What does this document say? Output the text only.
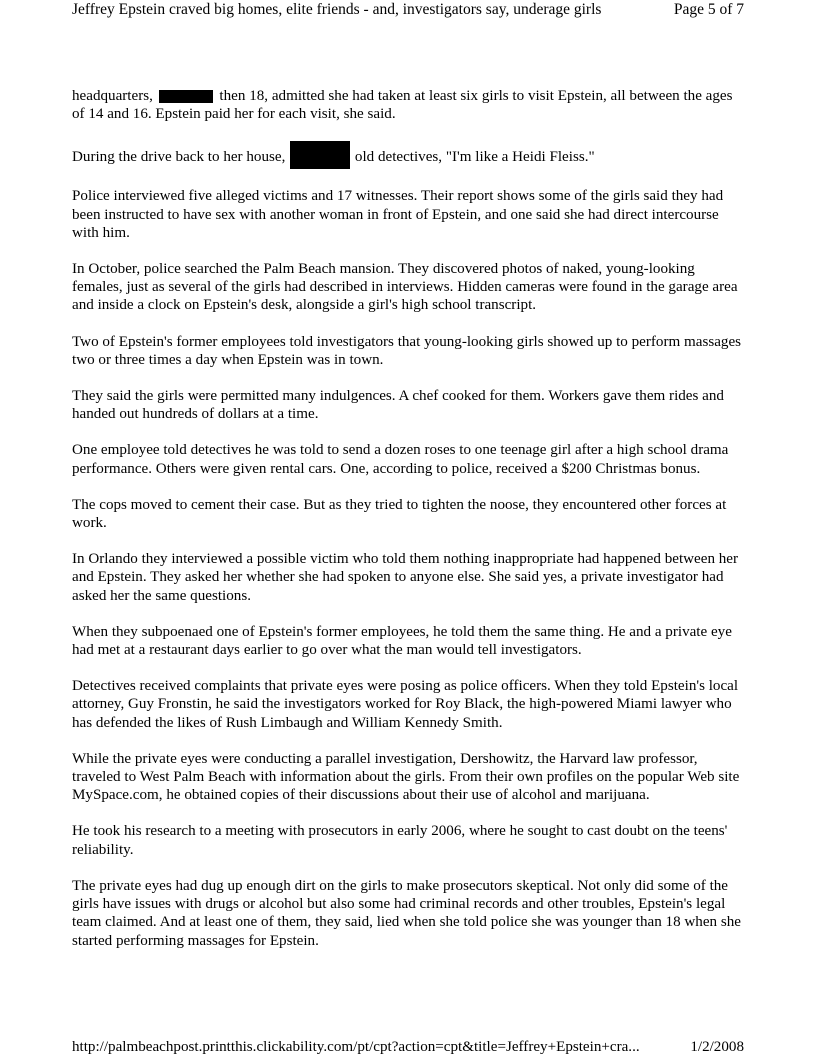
Jeffrey Epstein craved big homes, elite friends - and, investigators say, underage girls	Page 5 of 7

headquarters,	then 18, admitted she had taken at least six girls to visit Epstein, all between the ages of 14 and 16. Epstein paid her for each visit, she said.

During the drive back to her house,	old detectives, "I'm like a Heidi Fleiss."

Police interviewed five alleged victims and 17 witnesses. Their report shows some of the girls said they had been instructed to have sex with another woman in front of Epstein, and one said she had direct intercourse with him.

In October, police searched the Palm Beach mansion. They discovered photos of naked, young-looking females, just as several of the girls had described in interviews. Hidden cameras were found in the garage area and inside a clock on Epstein's desk, alongside a girl's high school transcript.

Two of Epstein's former employees told investigators that young-looking girls showed up to perform massages two or three times a day when Epstein was in town.

They said the girls were permitted many indulgences. A chef cooked for them. Workers gave them rides and handed out hundreds of dollars at a time.

One employee told detectives he was told to send a dozen roses to one teenage girl after a high school drama performance. Others were given rental cars. One, according to police, received a $200 Christmas bonus.

The cops moved to cement their case. But as they tried to tighten the noose, they encountered other forces at work.

In Orlando they interviewed a possible victim who told them nothing inappropriate had happened between her and Epstein. They asked her whether she had spoken to anyone else. She said yes, a private investigator had asked her the same questions.

When they subpoenaed one of Epstein's former employees, he told them the same thing. He and a private eye had met at a restaurant days earlier to go over what the man would tell investigators.

Detectives received complaints that private eyes were posing as police officers. When they told Epstein's local attorney, Guy Fronstin, he said the investigators worked for Roy Black, the high-powered Miami lawyer who has defended the likes of Rush Limbaugh and William Kennedy Smith.

While the private eyes were conducting a parallel investigation, Dershowitz, the Harvard law professor, traveled to West Palm Beach with information about the girls. From their own profiles on the popular Web site MySpace.com, he obtained copies of their discussions about their use of alcohol and marijuana.

He took his research to a meeting with prosecutors in early 2006, where he sought to cast doubt on the teens' reliability.

The private eyes had dug up enough dirt on the girls to make prosecutors skeptical. Not only did some of the girls have issues with drugs or alcohol but also some had criminal records and other troubles, Epstein's legal team claimed. And at least one of them, they said, lied when she told police she was younger than 18 when she started performing massages for Epstein.

http://palmbeachpost.printthis.clickability.com/pt/cpt?action=cpt&title=Jeffrey+Epstein+cra...	1/2/2008
